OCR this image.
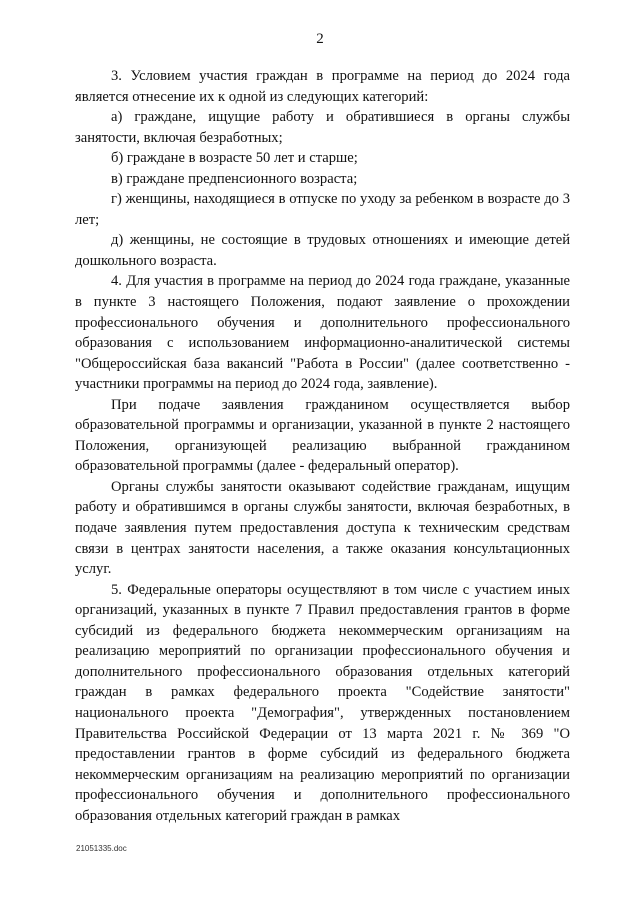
2

3. Условием участия граждан в программе на период до 2024 года является отнесение их к одной из следующих категорий:

а) граждане, ищущие работу и обратившиеся в органы службы занятости, включая безработных;

б) граждане в возрасте 50 лет и старше;

в) граждане предпенсионного возраста;

г) женщины, находящиеся в отпуске по уходу за ребенком в возрасте до 3 лет;

д) женщины, не состоящие в трудовых отношениях и имеющие детей дошкольного возраста.

4. Для участия в программе на период до 2024 года граждане, указанные в пункте 3 настоящего Положения, подают заявление о прохождении профессионального обучения и дополнительного профессионального образования с использованием информационно-аналитической системы "Общероссийская база вакансий "Работа в России" (далее соответственно - участники программы на период до 2024 года, заявление).

При подаче заявления гражданином осуществляется выбор образовательной программы и организации, указанной в пункте 2 настоящего Положения, организующей реализацию выбранной гражданином образовательной программы (далее - федеральный оператор).

Органы службы занятости оказывают содействие гражданам, ищущим работу и обратившимся в органы службы занятости, включая безработных, в подаче заявления путем предоставления доступа к техническим средствам связи в центрах занятости населения, а также оказания консультационных услуг.

5. Федеральные операторы осуществляют в том числе с участием иных организаций, указанных в пункте 7 Правил предоставления грантов в форме субсидий из федерального бюджета некоммерческим организациям на реализацию мероприятий по организации профессионального обучения и дополнительного профессионального образования отдельных категорий граждан в рамках федерального проекта "Содействие занятости" национального проекта "Демография", утвержденных постановлением Правительства Российской Федерации от 13 марта 2021 г. № 369 "О предоставлении грантов в форме субсидий из федерального бюджета некоммерческим организациям на реализацию мероприятий по организации профессионального обучения и дополнительного профессионального образования отдельных категорий граждан в рамках

21051335.doc
